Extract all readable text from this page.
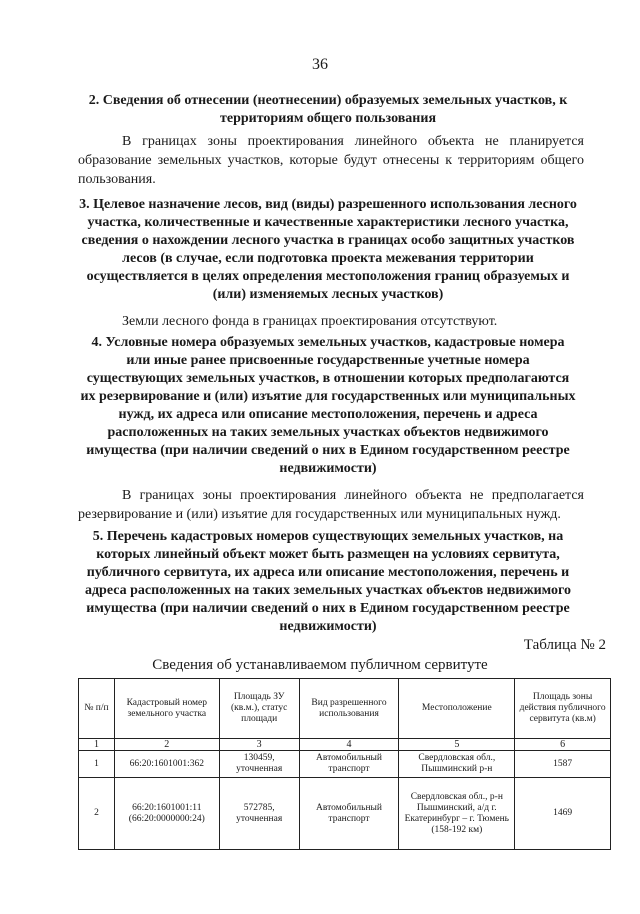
36
2. Сведения об отнесении (неотнесении) образуемых земельных участков, к территориям общего пользования
В границах зоны проектирования линейного объекта не планируется образование земельных участков, которые будут отнесены к территориям общего пользования.
3. Целевое назначение лесов, вид (виды) разрешенного использования лесного участка, количественные и качественные характеристики лесного участка, сведения о нахождении лесного участка в границах особо защитных участков лесов (в случае, если подготовка проекта межевания территории осуществляется в целях определения местоположения границ образуемых и (или) изменяемых лесных участков)
Земли лесного фонда в границах проектирования отсутствуют.
4. Условные номера образуемых земельных участков, кадастровые номера или иные ранее присвоенные государственные учетные номера существующих земельных участков, в отношении которых предполагаются их резервирование и (или) изъятие для государственных или муниципальных нужд, их адреса или описание местоположения, перечень и адреса расположенных на таких земельных участках объектов недвижимого имущества (при наличии сведений о них в Едином государственном реестре недвижимости)
В границах зоны проектирования линейного объекта не предполагается резервирование и (или) изъятие для государственных или муниципальных нужд.
5. Перечень кадастровых номеров существующих земельных участков, на которых линейный объект может быть размещен на условиях сервитута, публичного сервитута, их адреса или описание местоположения, перечень и адреса расположенных на таких земельных участках объектов недвижимого имущества (при наличии сведений о них в Едином государственном реестре недвижимости)
Таблица № 2
Сведения об устанавливаемом публичном сервитуте
№ п/п	Кадастровый номер земельного участка	Площадь ЗУ (кв.м.), статус площади	Вид разрешенного использования	Местоположение	Площадь зоны действия публичного сервитута (кв.м)
1	2	3	4	5	6
1	66:20:1601001:362	130459, уточненная	Автомобильный транспорт	Свердловская обл., Пышминский р-н	1587
2	66:20:1601001:11 (66:20:0000000:24)	572785, уточненная	Автомобильный транспорт	Свердловская обл., р-н Пышминский, а/д г. Екатеринбург – г. Тюмень (158-192 км)	1469
